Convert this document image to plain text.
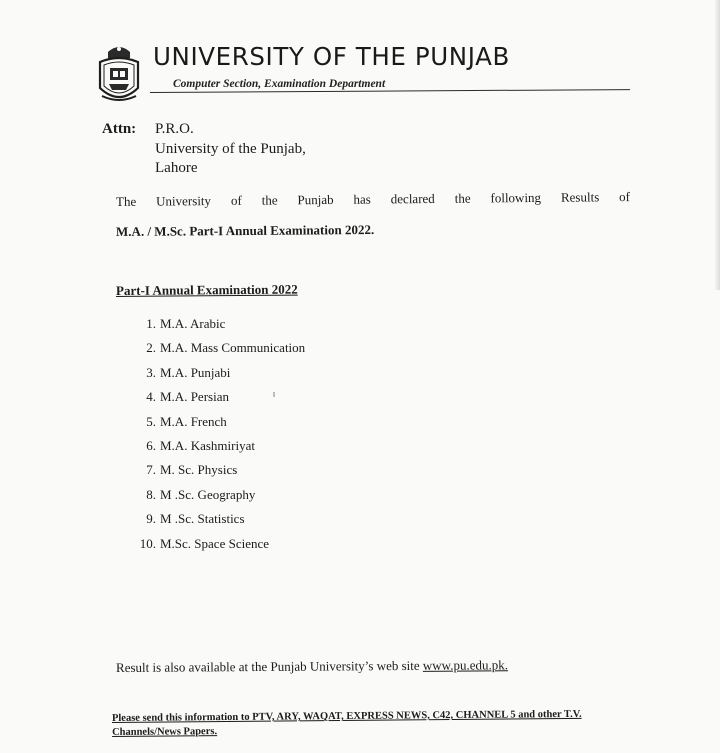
UNIVERSITY OF THE PUNJAB
Computer Section, Examination Department
Attn: P.R.O.
University of the Punjab,
Lahore
The University of the Punjab has declared the following Results of
M.A. / M.Sc. Part-I Annual Examination 2022.
Part-I Annual Examination 2022
1. M.A. Arabic
2. M.A. Mass Communication
3. M.A. Punjabi
4. M.A. Persian
5. M.A. French
6. M.A. Kashmiriyat
7. M. Sc. Physics
8. M .Sc. Geography
9. M .Sc. Statistics
10. M.Sc. Space Science
Result is also available at the Punjab University’s web site www.pu.edu.pk.
Please send this information to PTV, ARY, WAQAT, EXPRESS NEWS, C42, CHANNEL 5 and other T.V. Channels/News Papers.
